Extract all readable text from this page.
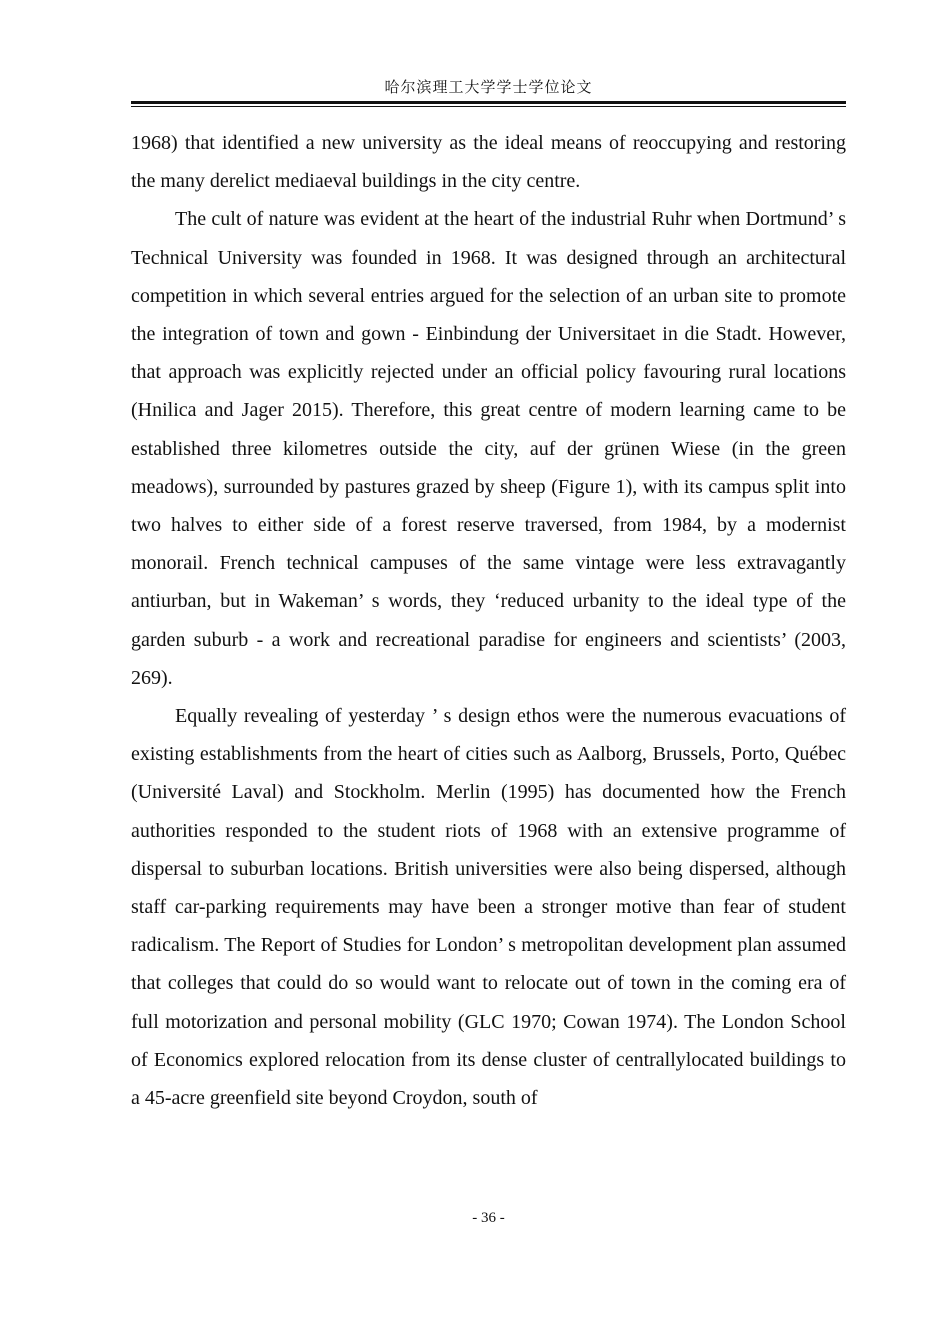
哈尔滨理工大学学士学位论文

1968) that identified a new university as the ideal means of reoccupying and restoring the many derelict mediaeval buildings in the city centre.

The cult of nature was evident at the heart of the industrial Ruhr when Dortmund’ s Technical University was founded in 1968. It was designed through an architectural competition in which several entries argued for the selection of an urban site to promote the integration of town and gown - Einbindung der Universitaet in die Stadt. However, that approach was explicitly rejected under an official policy favouring rural locations (Hnilica and Jager 2015). Therefore, this great centre of modern learning came to be established three kilometres outside the city, auf der grünen Wiese (in the green meadows), surrounded by pastures grazed by sheep (Figure 1), with its campus split into two halves to either side of a forest reserve traversed, from 1984, by a modernist monorail. French technical campuses of the same vintage were less extravagantly antiurban, but in Wakeman’ s words, they ‘reduced urbanity to the ideal type of the garden suburb - a work and recreational paradise for engineers and scientists’ (2003, 269).

Equally revealing of yesterday ’ s design ethos were the numerous evacuations of existing establishments from the heart of cities such as Aalborg, Brussels, Porto, Québec (Université Laval) and Stockholm. Merlin (1995) has documented how the French authorities responded to the student riots of 1968 with an extensive programme of dispersal to suburban locations. British universities were also being dispersed, although staff car-parking requirements may have been a stronger motive than fear of student radicalism. The Report of Studies for London’ s metropolitan development plan assumed that colleges that could do so would want to relocate out of town in the coming era of full motorization and personal mobility (GLC 1970; Cowan 1974). The London School of Economics explored relocation from its dense cluster of centrallylocated buildings to a 45-acre greenfield site beyond Croydon, south of

- 36 -
